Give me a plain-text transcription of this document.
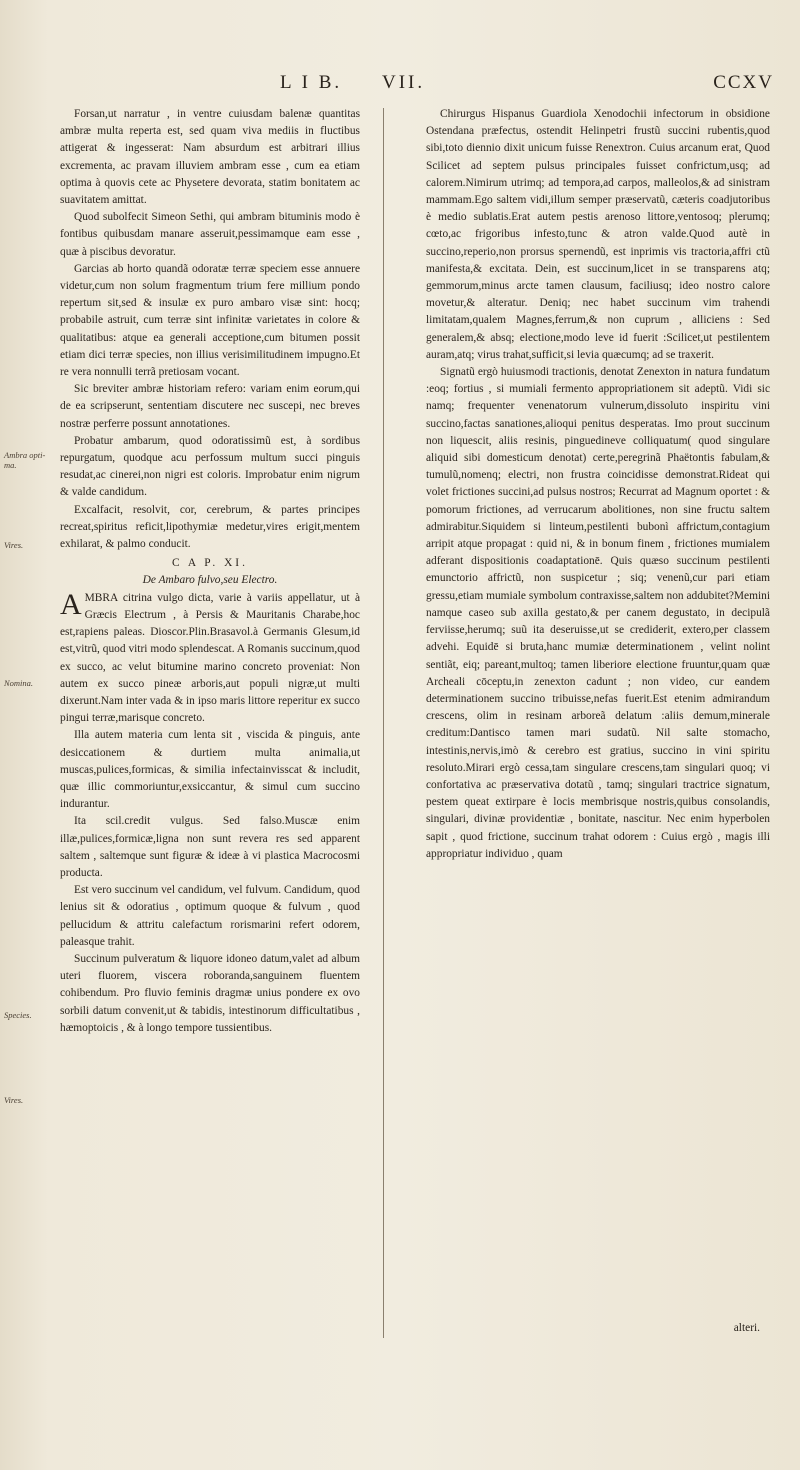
L I B. VII.	CCXV
Ambra opti-ma.
Vires.
Nomina.
Species.
Vires.

Forsan,ut narratur , in ventre cuiusdam balenæ quantitas ambræ multa reperta est, sed quam viva mediis in fluctibus attigerat & ingesserat: Nam absurdum est arbitrari illius excrementa, ac pravam illuviem ambram esse , cum ea etiam optima à quovis cete ac Physetere devorata, statim bonitatem ac suavitatem amittat.

Quod subolfecit Simeon Sethi, qui ambram bituminis modo è fontibus quibusdam manare asseruit,pessimamque eam esse , quæ à piscibus devoratur.

Garcias ab horto quandã odoratæ terræ speciem esse annuere videtur,cum non solum fragmentum trium fere millium pondo repertum sit,sed & insulæ ex puro ambaro visæ sint: hocq; probabile astruit, cum terræ sint infinitæ varietates in colore & qualitatibus: atque ea generali acceptione,cum bitumen possit etiam dici terræ species, non illius verisimilitudinem impugno.Et re vera nonnulli terrã pretiosam vocant.

Sic breviter ambræ historiam refero: variam enim eorum,qui de ea scripserunt, sententiam discutere nec suscepi, nec breves nostræ perferre possunt annotationes.

Probatur ambarum, quod odoratissimũ est, à sordibus repurgatum, quodque acu perfossum multum succi pinguis resudat,ac cinerei,non nigri est coloris. Improbatur enim nigrum & valde candidum.

Excalfacit, resolvit, cor, cerebrum, & partes principes recreat,spiritus reficit,lipothymiæ medetur,vires erigit,mentem exhilarat, & palmo conducit.

C A P. XI.

De Ambaro fulvo,seu Electro.

AMBRA citrina vulgo dicta, varie à variis appellatur, ut à Græcis Electrum , à Persis & Mauritanis Charabe,hoc est,rapiens paleas. Dioscor.Plin.Brasavol.à Germanis Glesum,id est,vitrũ, quod vitri modo splendescat. A Romanis succinum,quod ex succo, ac velut bitumine marino concreto proveniat: Non autem ex succo pineæ arboris,aut populi nigræ,ut multi dixerunt.Nam inter vada & in ipso maris littore reperitur ex succo pingui terræ,marisque concreto.

Illa autem materia cum lenta sit , viscida & pinguis, ante desiccationem & durtiem multa animalia,ut muscas,pulices,formicas, & similia infectainvisscat & includit, quæ illic commoriuntur,exsiccantur, & simul cum succino indurantur.

Ita scil.credit vulgus. Sed falso.Muscæ enim illæ,pulices,formicæ,ligna non sunt revera res sed apparent saltem , saltemque sunt figuræ & ideæ à vi plastica Macrocosmi producta.

Est vero succinum vel candidum, vel fulvum. Candidum, quod lenius sit & odoratius , optimum quoque & fulvum , quod pellucidum & attritu calefactum rorismarini refert odorem, paleasque trahit.

Succinum pulveratum & liquore idoneo datum,valet ad album uteri fluorem, viscera roboranda,sanguinem fluentem cohibendum. Pro fluvio feminis dragmæ unius pondere ex ovo sorbili datum convenit,ut & tabidis, intestinorum difficultatibus , hæmoptoicis , & à longo tempore tussientibus.

Chirurgus Hispanus Guardiola Xenodochii infectorum in obsidione Ostendana præfectus, ostendit Helinpetri frustũ succini rubentis,quod sibi,toto diennio dixit unicum fuisse Renextron. Cuius arcanum erat, Quod Scilicet ad septem pulsus principales fuisset confrictum,usq; ad calorem.Nimirum utrimq; ad tempora,ad carpos, malleolos,& ad sinistram mammam.Ego saltem vidi,illum semper præservatũ, cæteris coadjutoribus è medio sublatis.Erat autem pestis arenoso littore,ventosoq; plerumq; cœto,ac frigoribus infesto,tunc & atron valde.Quod autè in succino,reperio,non prorsus spernendũ, est inprimis vis tractoria,affri ctũ manifesta,& excitata. Dein, est succinum,licet in se transparens atq; gemmorum,minus arcte tamen clausum, faciliusq; ideo nostro calore movetur,& alteratur. Deniq; nec habet succinum vim trahendi limitatam,qualem Magnes,ferrum,& non cuprum , alliciens : Sed generalem,& absq; electione,modo leve id fuerit :Scilicet,ut pestilentem auram,atq; virus trahat,sufficit,si levia quæcumq; ad se traxerit.

Signatũ ergò huiusmodi tractionis, denotat Zenexton in natura fundatum :eoq; fortius , si mumiali fermento appropriationem sit adeptũ. Vidi sic namq; frequenter venenatorum vulnerum,dissoluto inspiritu vini succino,factas sanationes,alioqui penitus desperatas. Imo prout succinum non liquescit, aliis resinis, pinguedineve colliquatum( quod singulare aliquid sibi domesticum denotat) certe,peregrinã Phaëtontis fabulam,& tumulũ,nomenq; electri, non frustra coincidisse demonstrat.Rideat qui volet frictiones succini,ad pulsus nostros; Recurrat ad Magnum oportet : & pomorum frictiones, ad verrucarum abolitiones, non sine fructu saltem admirabitur.Siquidem si linteum,pestilenti bubonì affrictum,contagium arripit atque propagat : quid ni, & in bonum finem , frictiones mumialem adferant dispositionis coadaptationē. Quis quæso succinum pestilenti emunctorio affrictũ, non suspicetur ; siq; venenũ,cur pari etiam gressu,etiam mumiale symbolum contraxisse,saltem non addubitet?Memini namque caseo sub axilla gestato,& per canem degustato, in decipulã ferviisse,herumq; suũ ita deseruisse,ut se crediderit, extero,per classem advehi. Equidē si bruta,hanc mumiæ determinationem , velint nolint sentiãt, eiq; pareant,multoq; tamen liberiore electione fruuntur,quam quæ Archeali cōceptu,in zenexton cadunt ; non video, cur eandem determinationem succino tribuisse,nefas fuerit.Est etenim admirandum crescens, olim in resinam arboreã delatum :aliis demum,minerale creditum:Dantisco tamen mari sudatũ. Nil salte stomacho, intestinis,nervis,imò & cerebro est gratius, succino in vini spiritu resoluto.Mirari ergò cessa,tam singulare crescens,tam singulari quoq; vi confortativa ac præservativa dotatũ , tamq; singulari tractrice signatum, pestem queat extirpare è locis membrisque nostris,quibus consolandis, singulari, divinæ providentiæ , bonitate, nascitur. Nec enim hyperbolen sapit , quod frictione, succinum trahat odorem : Cuius ergò , magis illi appropriatur individuo , quam

alteri.
